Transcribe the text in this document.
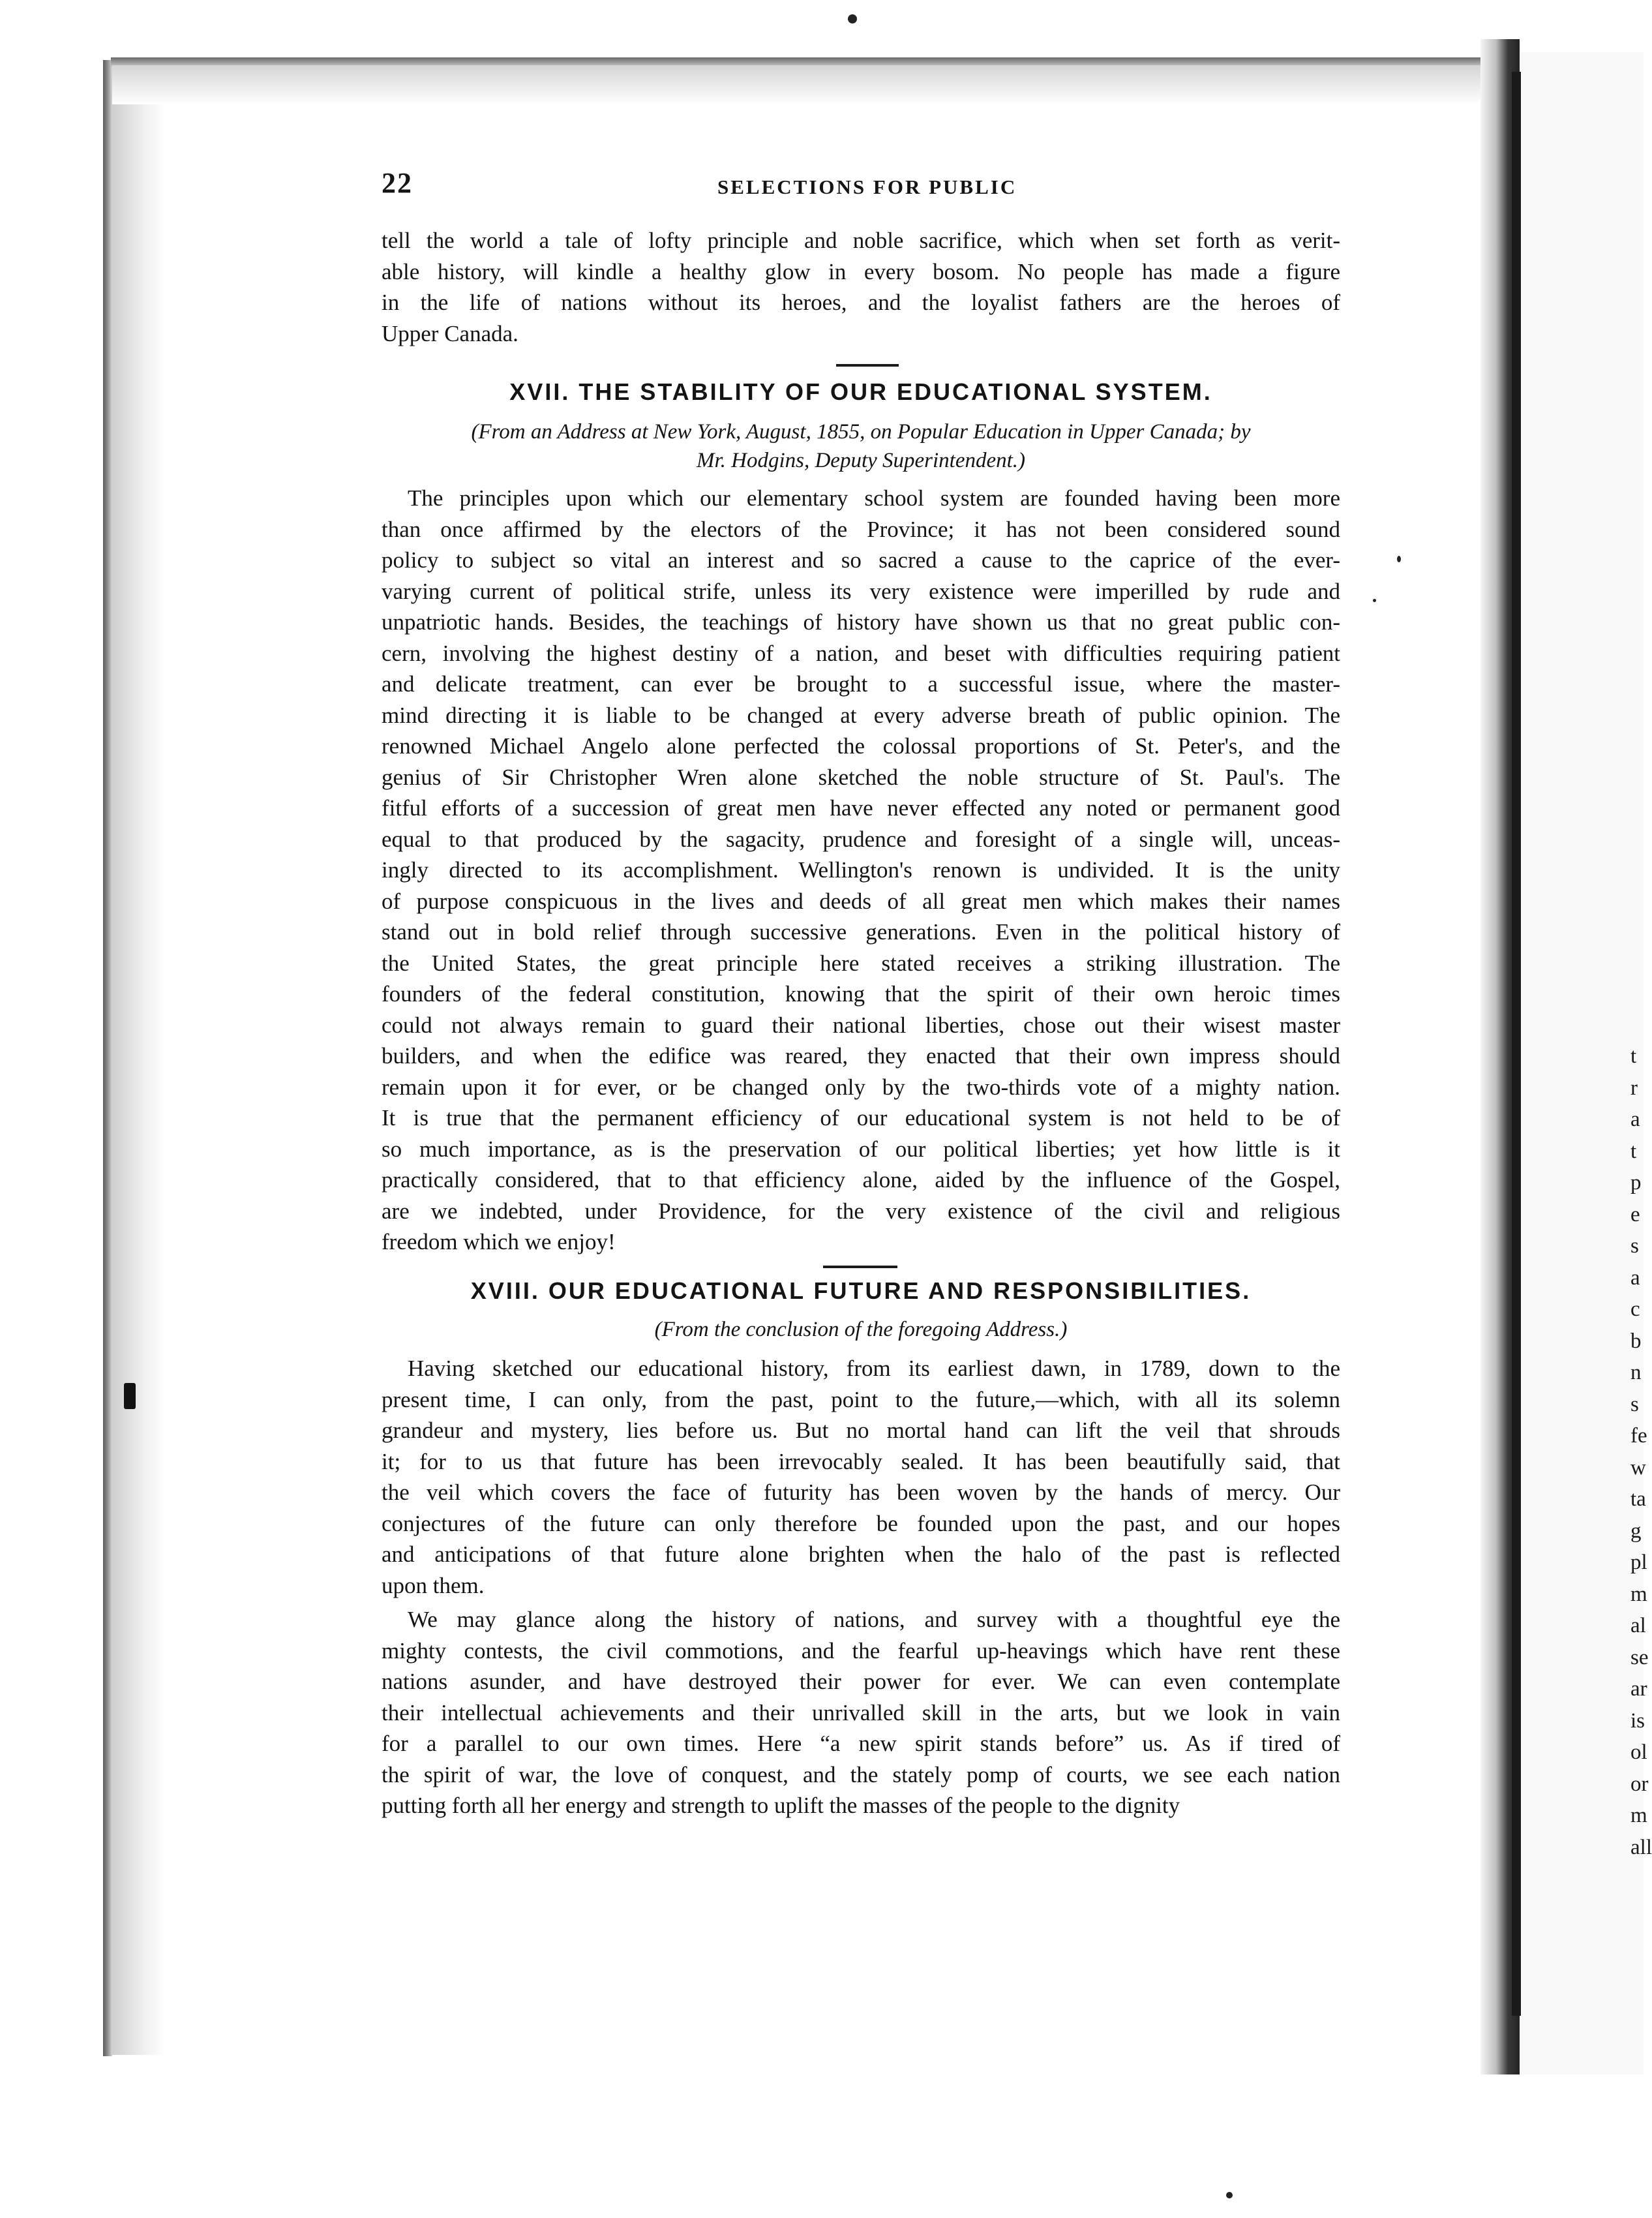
22	SELECTIONS FOR PUBLIC
tell the world a tale of lofty principle and noble sacrifice, which when set forth as verit-
able history, will kindle a healthy glow in every bosom. No people has made a figure
in the life of nations without its heroes, and the loyalist fathers are the heroes of
Upper Canada.
XVII. THE STABILITY OF OUR EDUCATIONAL SYSTEM.
(From an Address at New York, August, 1855, on Popular Education in Upper Canada; by
Mr. Hodgins, Deputy Superintendent.)
The principles upon which our elementary school system are founded having been more
than once affirmed by the electors of the Province; it has not been considered sound
policy to subject so vital an interest and so sacred a cause to the caprice of the ever-
varying current of political strife, unless its very existence were imperilled by rude and
unpatriotic hands. Besides, the teachings of history have shown us that no great public con-
cern, involving the highest destiny of a nation, and beset with difficulties requiring patient
and delicate treatment, can ever be brought to a successful issue, where the master-
mind directing it is liable to be changed at every adverse breath of public opinion. The
renowned Michael Angelo alone perfected the colossal proportions of St. Peter's, and the
genius of Sir Christopher Wren alone sketched the noble structure of St. Paul's. The
fitful efforts of a succession of great men have never effected any noted or permanent good
equal to that produced by the sagacity, prudence and foresight of a single will, unceas-
ingly directed to its accomplishment. Wellington's renown is undivided. It is the unity
of purpose conspicuous in the lives and deeds of all great men which makes their names
stand out in bold relief through successive generations. Even in the political history of
the United States, the great principle here stated receives a striking illustration. The
founders of the federal constitution, knowing that the spirit of their own heroic times
could not always remain to guard their national liberties, chose out their wisest master
builders, and when the edifice was reared, they enacted that their own impress should
remain upon it for ever, or be changed only by the two-thirds vote of a mighty nation.
It is true that the permanent efficiency of our educational system is not held to be of
so much importance, as is the preservation of our political liberties; yet how little is it
practically considered, that to that efficiency alone, aided by the influence of the Gospel,
are we indebted, under Providence, for the very existence of the civil and religious
freedom which we enjoy!
XVIII. OUR EDUCATIONAL FUTURE AND RESPONSIBILITIES.
(From the conclusion of the foregoing Address.)
Having sketched our educational history, from its earliest dawn, in 1789, down to the
present time, I can only, from the past, point to the future,—which, with all its solemn
grandeur and mystery, lies before us. But no mortal hand can lift the veil that shrouds
it; for to us that future has been irrevocably sealed. It has been beautifully said, that
the veil which covers the face of futurity has been woven by the hands of mercy. Our
conjectures of the future can only therefore be founded upon the past, and our hopes
and anticipations of that future alone brighten when the halo of the past is reflected
upon them.
We may glance along the history of nations, and survey with a thoughtful eye the
mighty contests, the civil commotions, and the fearful up-heavings which have rent these
nations asunder, and have destroyed their power for ever. We can even contemplate
their intellectual achievements and their unrivalled skill in the arts, but we look in vain
for a parallel to our own times. Here “a new spirit stands before” us. As if tired of
the spirit of war, the love of conquest, and the stately pomp of courts, we see each nation
putting forth all her energy and strength to uplift the masses of the people to the dignity
t
r
a
t
p
e
s
a
c
b
n
s
fe
w
ta
g
pl
m
al
se
ar
is
ol
or
m
all
